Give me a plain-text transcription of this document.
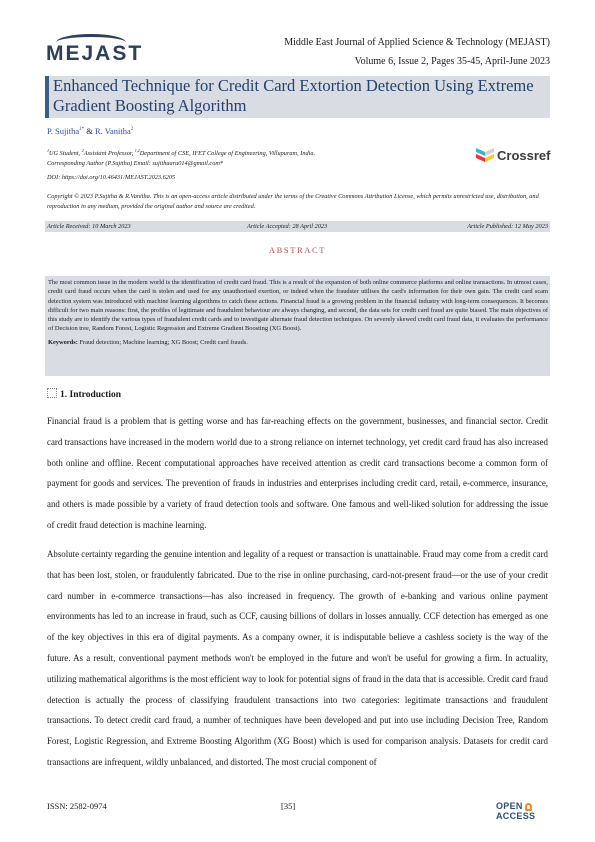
MEJAST	Middle East Journal of Applied Science & Technology (MEJAST)
Volume 6, Issue 2, Pages 35-45, April-June 2023
Enhanced Technique for Credit Card Extortion Detection Using Extreme Gradient Boosting Algorithm
P. Sujitha$^{1*}$ & R. Vanitha$^2$
$^1$UG Student, $^2$Assistant Professor, $^{1,2}$Department of CSE, IFET College of Engineering, Villupuram, India.
Corresponding Author (P.Sujitha) Email: sujithaaru014@gmail.com*
Crossref
DOI: https://doi.org/10.46431/MEJAST.2023.6205
Copyright © 2023 P.Sujitha & R.Vanitha. This is an open-access article distributed under the terms of the Creative Commons Attribution License, which permits unrestricted use, distribution, and reproduction in any medium, provided the original author and source are credited.
Article Received: 10 March 2023	Article Accepted: 28 April 2023	Article Published: 12 May 2023
ABSTRACT
The most common issue in the modern world is the identification of credit card fraud. This is a result of the expansion of both online commerce platforms and online transactions. In utmost cases, credit card fraud occurs when the card is stolen and used for any unauthorised exertion, or indeed when the fraudster utilises the card's information for their own gain. The credit card scam detection system was introduced with machine learning algorithms to catch these actions. Financial fraud is a growing problem in the financial industry with long-term consequences. It becomes difficult for two main reasons: first, the profiles of legitimate and fraudulent behaviour are always changing, and second, the data sets for credit card fraud are quite biased. The main objectives of this study are to identify the various types of fraudulent credit cards and to investigate alternate fraud detection techniques. On severely skewed credit card fraud data, it evaluates the performance of Decision tree, Random Forest, Logistic Regression and Extreme Gradient Boosting (XG Boost).
Keywords: Fraud detection; Machine learning; XG Boost; Credit card frauds.
1. Introduction
Financial fraud is a problem that is getting worse and has far-reaching effects on the government, businesses, and financial sector. Credit card transactions have increased in the modern world due to a strong reliance on internet technology, yet credit card fraud has also increased both online and offline. Recent computational approaches have received attention as credit card transactions become a common form of payment for goods and services. The prevention of frauds in industries and enterprises including credit card, retail, e-commerce, insurance, and others is made possible by a variety of fraud detection tools and software. One famous and well-liked solution for addressing the issue of credit fraud detection is machine learning.
Absolute certainty regarding the genuine intention and legality of a request or transaction is unattainable. Fraud may come from a credit card that has been lost, stolen, or fraudulently fabricated. Due to the rise in online purchasing, card-not-present fraud—or the use of your credit card number in e-commerce transactions—has also increased in frequency. The growth of e-banking and various online payment environments has led to an increase in fraud, such as CCF, causing billions of dollars in losses annually. CCF detection has emerged as one of the key objectives in this era of digital payments. As a company owner, it is indisputable believe a cashless society is the way of the future. As a result, conventional payment methods won't be employed in the future and won't be useful for growing a firm. In actuality, utilizing mathematical algorithms is the most efficient way to look for potential signs of fraud in the data that is accessible. Credit card fraud detection is actually the process of classifying fraudulent transactions into two categories: legitimate transactions and fraudulent transactions. To detect credit card fraud, a number of techniques have been developed and put into use including Decision Tree, Random Forest, Logistic Regression, and Extreme Boosting Algorithm (XG Boost) which is used for comparison analysis. Datasets for credit card transactions are infrequent, wildly unbalanced, and distorted. The most crucial component of
ISSN: 2582-0974	[35]	OPENACCESS
